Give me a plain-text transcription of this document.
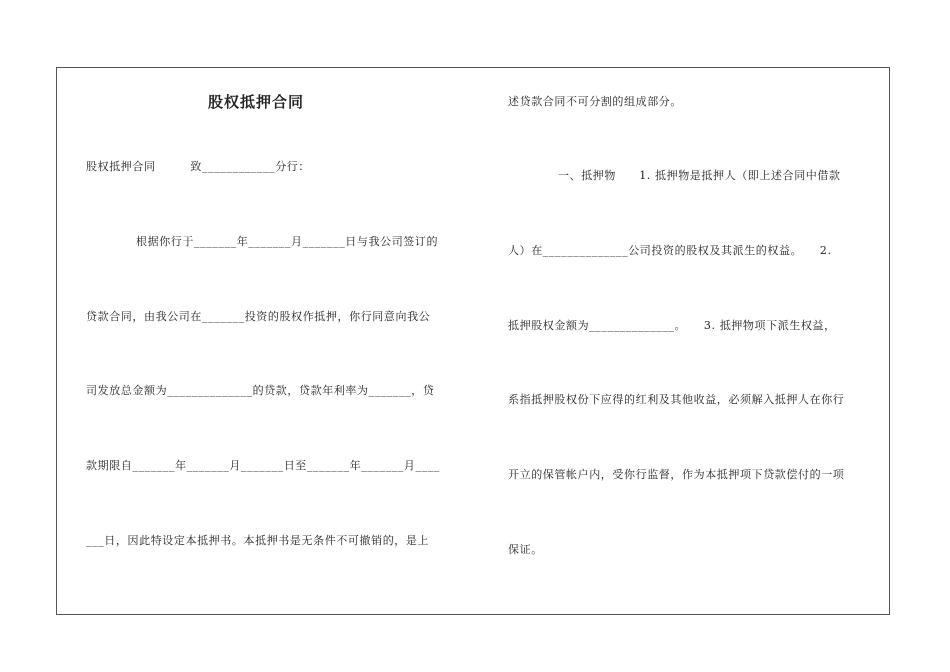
股权抵押合同
股权抵押合同　　　致____________分行：
根据你行于_______年_______月_______日与我公司签订的
贷款合同，由我公司在_______投资的股权作抵押，你行同意向我公
司发放总金额为______________的贷款，贷款年利率为_______，贷
款期限自_______年_______月_______日至_______年_______月____
___日，因此特设定本抵押书。本抵押书是无条件不可撤销的，是上
述贷款合同不可分割的组成部分。
一、抵押物　　1. 抵押物是抵押人（即上述合同中借款
人）在______________公司投资的股权及其派生的权益。　　2.
抵押股权金额为______________。　　3. 抵押物项下派生权益，
系指抵押股权份下应得的红利及其他收益，必须解入抵押人在你行
开立的保管帐户内，受你行监督，作为本抵押项下贷款偿付的一项
保证。
